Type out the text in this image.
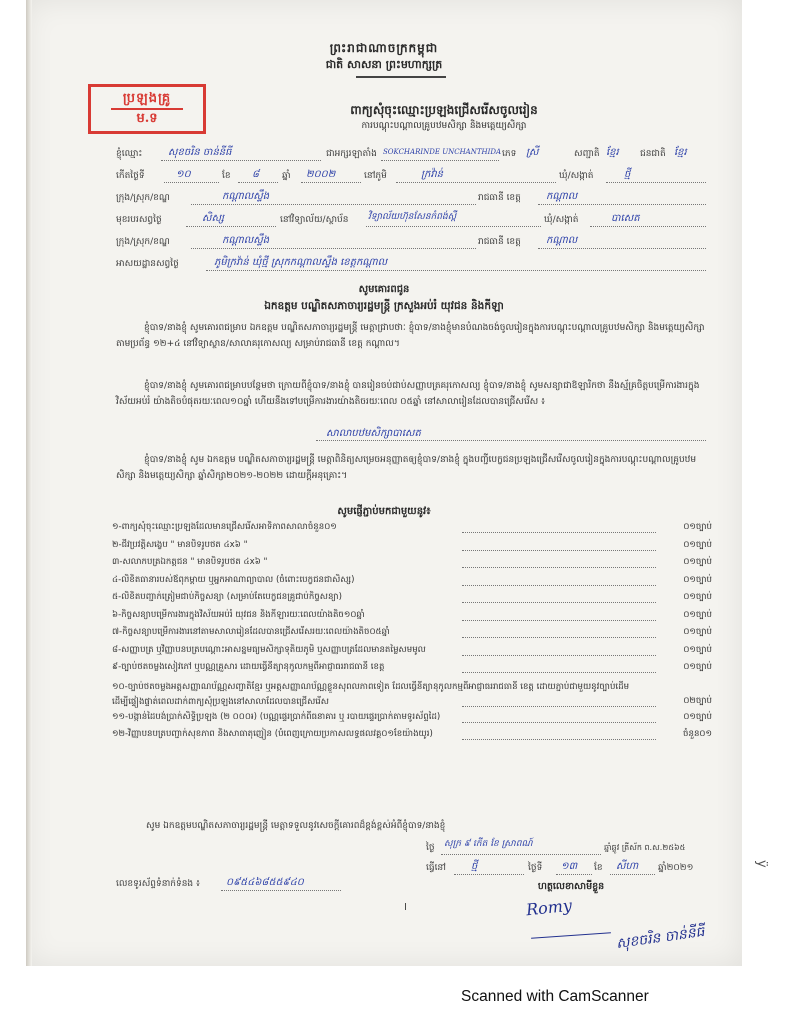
ប្រឡងគ្រូ
ម.ទ
ព្រះរាជាណាចក្រកម្ពុជា
ជាតិ សាសនា ព្រះមហាក្សត្រ
ពាក្យសុំចុះឈ្មោះប្រឡងជ្រើសរើសចូលរៀន
ការបណ្ដុះបណ្ដាលគ្រូបឋមសិក្សា និងមត្តេយ្យសិក្សា
ខ្ញុំឈ្មោះ	សុខចរិន ចាន់នីធី	ជាអក្សរឡាតាំង SOKCHARINDE UNCHANTHIDA ភេទ ស្រី	សញ្ជាតិ ខ្មែរ ជនជាតិ ខ្មែរ
កើតថ្ងៃទី	១០	ខែ ៨	ឆ្នាំ ២០០២	នៅភូមិ	ក្រវ៉ាន់	ឃុំ/សង្កាត់	ថ្មី
ក្រុង/ស្រុក/ខណ្ឌ	កណ្ដាលស្ទឹង	រាជធានី ខេត្ត	កណ្ដាល
មុខរបរសព្វថ្ងៃ	សិស្ស	នៅវិទ្យាល័យ/ស្ថាប័ន វិទ្យាល័យហ៊ុនសែនកំពង់ស្ពឺ	ឃុំ/សង្កាត់	បាសេត
ក្រុង/ស្រុក/ខណ្ឌ	កណ្ដាលស្ទឹង	រាជធានី ខេត្ត	កណ្ដាល
អាសយដ្ឋានសព្វថ្ងៃ	ភូមិក្រវ៉ាន់ ឃុំថ្មី ស្រុកកណ្ដាលស្ទឹង ខេត្តកណ្ដាល
សូមគោរពជូន
ឯកឧត្ដម បណ្ឌិតសភាចារ្យរដ្ឋមន្ត្រី ក្រសួងអប់រំ យុវជន និងកីឡា
ខ្ញុំបាទ/នាងខ្ញុំ សូមគោរពជម្រាប ឯកឧត្ដម បណ្ឌិតសភាចារ្យរដ្ឋមន្ត្រី មេត្តាជ្រាបថាៈ ខ្ញុំបាទ/នាងខ្ញុំមានបំណងចង់ចូលរៀនក្នុងការបណ្ដុះបណ្ដាលគ្រូបឋមសិក្សា និងមត្តេយ្យសិក្សាតាមប្រព័ន្ធ ១២+៤ នៅវិទ្យាស្ថាន/សាលាគរុកោសល្យ សម្រាប់រាជធានី ខេត្ត កណ្ដាល។
ខ្ញុំបាទ/នាងខ្ញុំ សូមគោរពជម្រាបបន្ថែមថា ក្រោយពីខ្ញុំបាទ/នាងខ្ញុំ បានរៀនចប់ជាប់សញ្ញាបត្រគរុកោសល្យ ខ្ញុំបាទ/នាងខ្ញុំ សូមសន្យាជាឱឡារិកថា នឹងស្ម័គ្រចិត្តបម្រើការងារក្នុងវិស័យអប់រំ យ៉ាងតិចបំផុតរយៈពេល១០ឆ្នាំ ហើយនឹងទៅបម្រើការងារយ៉ាងតិចរយៈពេល ០៥ឆ្នាំ នៅសាលារៀនដែលបានជ្រើសរើស ៖
សាលាបឋមសិក្សាបាសេត
ខ្ញុំបាទ/នាងខ្ញុំ សូម ឯកឧត្ដម បណ្ឌិតសភាចារ្យរដ្ឋមន្ត្រី មេត្តាពិនិត្យសម្រេចអនុញ្ញាតឲ្យខ្ញុំបាទ/នាងខ្ញុំ ក្នុងបញ្ជីបេក្ខជនប្រឡងជ្រើសរើសចូលរៀនក្នុងការបណ្ដុះបណ្ដាលគ្រូបឋមសិក្សា និងមត្តេយ្យសិក្សា ឆ្នាំសិក្សា២០២១-២០២២ ដោយក្ដីអនុគ្រោះ។
សូមផ្ញើភ្ជាប់មកជាមួយនូវ៖
១-ពាក្យសុំចុះឈ្មោះប្រឡងដែលមានជ្រើសរើសអាទិភាពសាលាចំនួន០១	០១ច្បាប់
២-ជីវប្រវត្តិសង្ខេប " មានបិទរូបថត ៤x៦ "	០១ច្បាប់
៣-សលាកបត្រឯកត្តជន " មានបិទរូបថត ៤x៦ "	០១ច្បាប់
៤-លិខិតធានារបស់ឪពុកម្ដាយ ឬអ្នកអាណាព្យាបាល (ចំពោះបេក្ខជនជាសិស្ស)	០១ច្បាប់
៥-លិខិតបញ្ជាក់ត្រៀមជាប់កិច្ចសន្យា (សម្រាប់តែបេក្ខជនគ្រូជាប់កិច្ចសន្យា)	០១ច្បាប់
៦-កិច្ចសន្យាបម្រើការងារក្នុងវិស័យអប់រំ យុវជន និងកីឡារយៈពេលយ៉ាងតិច១០ឆ្នាំ	០១ច្បាប់
៧-កិច្ចសន្យាបម្រើការងារនៅតាមសាលារៀនដែលបានជ្រើសរើសរយៈពេលយ៉ាងតិច០៥ឆ្នាំ	០១ច្បាប់
៨-សញ្ញាបត្រ ឬវិញ្ញាបនបត្របណ្ដោះអាសន្នមធ្យមសិក្សាទុតិយភូមិ ឬសញ្ញាបត្រដែលមានតម្លៃសមមូល	០១ច្បាប់
៩-ច្បាប់ថតចម្លងសៀវភៅ ឬបណ្ណគ្រួសារ ដោយធ្វើនីត្យានុកូលកម្មពីអាជ្ញាធររាជធានី ខេត្ត	០១ច្បាប់
១០-ច្បាប់ថតចម្លងអត្តសញ្ញាណប័ណ្ណសញ្ជាតិខ្មែរ ឬអត្តសញ្ញាណប័ណ្ណខ្លួនសុពលភាពទៀត ដែលធ្វើនីត្យានុកូលកម្មពីអាជ្ញាធររាជធានី ខេត្ត ដោយភ្ជាប់ជាមួយនូវច្បាប់ដើម ដើម្បីផ្ទៀងផ្ទាត់ពេលដាក់ពាក្យសុំប្រឡងនៅសាលាដែលបានជ្រើសរើស	០២ច្បាប់
១១-បង្កាន់ដៃបង់ប្រាក់សិទ្ធិប្រឡង (២ ០០០៛) (បណ្ណផ្ទេរប្រាក់ពីធនាគារ ឬ របាយផ្ទេរប្រាក់តាមទូរស័ព្ទដៃ)	០១ច្បាប់
១២-វិញ្ញាបនបត្របញ្ជាក់សុខភាព និងសាធាតុញៀន (បំពេញក្រោយប្រកាសលទ្ធផលវគ្គ០១ខែយ៉ាងយូរ)	ចំនួន០១
សូម ឯកឧត្ដមបណ្ឌិតសភាចារ្យរដ្ឋមន្ត្រី មេត្តាទទួលនូវសេចក្ដីគោរពដ៏ខ្ពង់ខ្ពស់អំពីខ្ញុំបាទ/នាងខ្ញុំ
ថ្ងៃ សុក្រ ៩ កើត ខែ ស្រាពណ៍	ឆ្នាំឆ្លូវ ត្រីស័ក ព.ស.២៥៦៥
ធ្វើនៅ	ថ្មី	ថ្ងៃទី ១៣ ខែ សីហា ឆ្នាំ២០២១
ហត្ថលេខាសាមីខ្លួន
លេខទូរស័ព្ទទំនាក់ទំនង ៖	០៩៥៤៦៨៥៥៩៤០
I	Romy
សុខចរិន ចាន់នីធី
ÿ
Scanned with CamScanner
